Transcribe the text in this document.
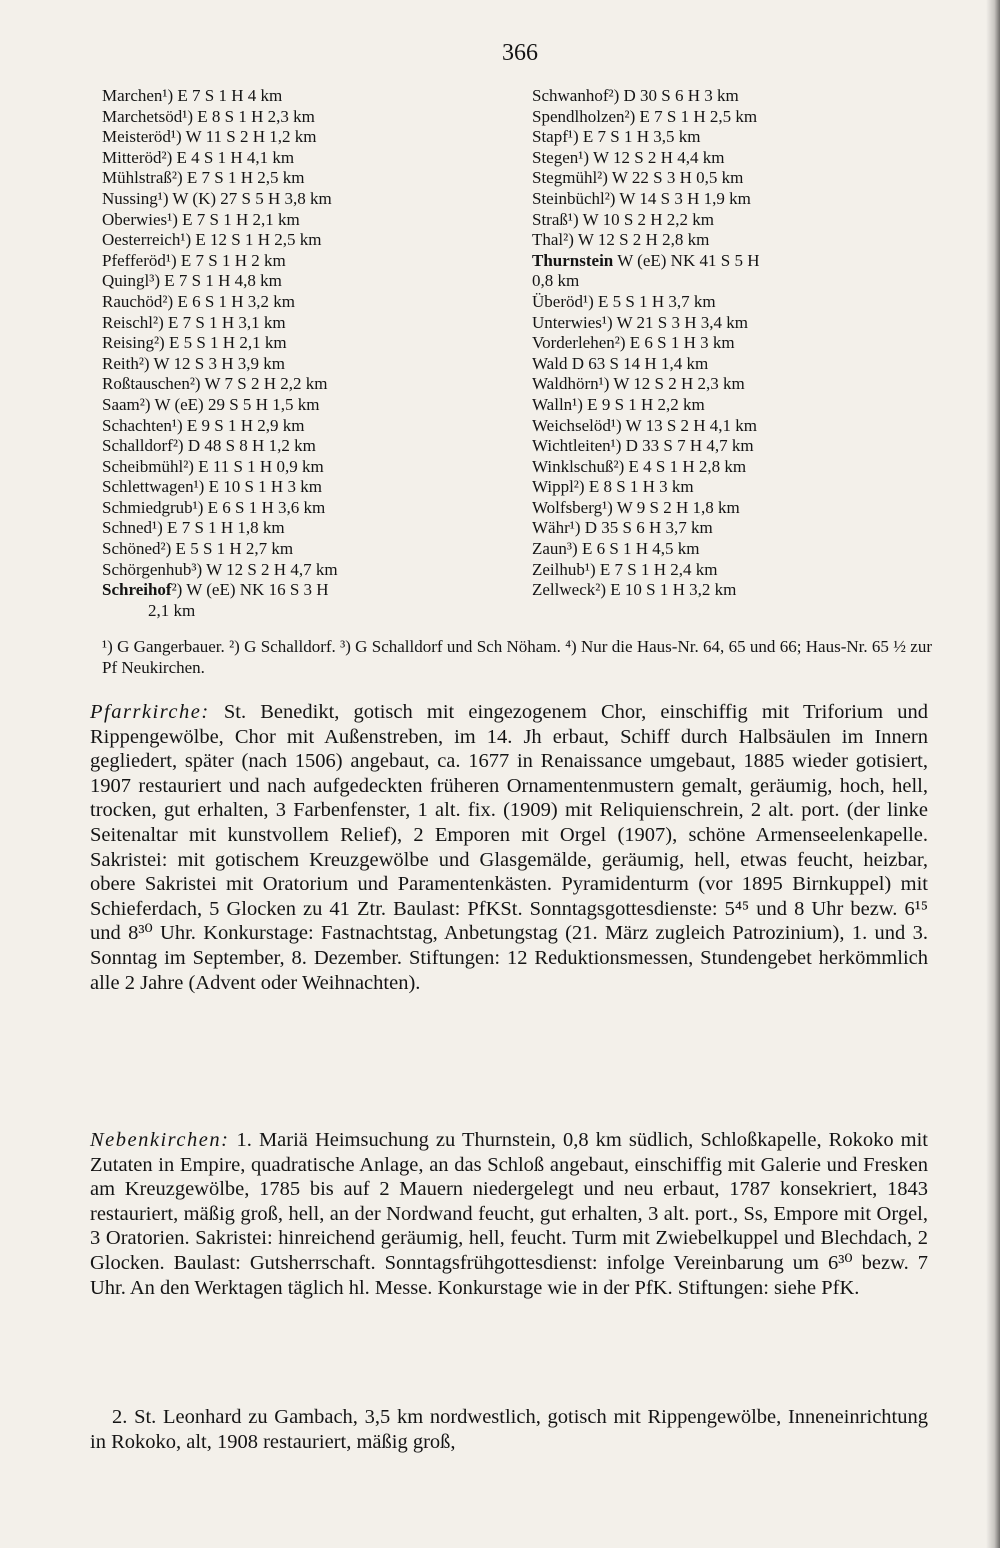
366
Marchen¹) E 7 S 1 H 4 km
Marchetsöd¹) E 8 S 1 H 2,3 km
Meisteröd¹) W 11 S 2 H 1,2 km
Mitteröd²) E 4 S 1 H 4,1 km
Mühlstraß²) E 7 S 1 H 2,5 km
Nussing¹) W (K) 27 S 5 H 3,8 km
Oberwies¹) E 7 S 1 H 2,1 km
Oesterreich¹) E 12 S 1 H 2,5 km
Pfefferöd¹) E 7 S 1 H 2 km
Quingl³) E 7 S 1 H 4,8 km
Rauchöd²) E 6 S 1 H 3,2 km
Reischl²) E 7 S 1 H 3,1 km
Reising²) E 5 S 1 H 2,1 km
Reith²) W 12 S 3 H 3,9 km
Roßtauschen²) W 7 S 2 H 2,2 km
Saam²) W (eE) 29 S 5 H 1,5 km
Schachten¹) E 9 S 1 H 2,9 km
Schalldorf²) D 48 S 8 H 1,2 km
Scheibmühl²) E 11 S 1 H 0,9 km
Schlettwagen¹) E 10 S 1 H 3 km
Schmiedgrub¹) E 6 S 1 H 3,6 km
Schned¹) E 7 S 1 H 1,8 km
Schöned²) E 5 S 1 H 2,7 km
Schörgenhub³) W 12 S 2 H 4,7 km
Schreihof²) W (eE) NK 16 S 3 H
2,1 km
Schwanhof²) D 30 S 6 H 3 km
Spendlholzen²) E 7 S 1 H 2,5 km
Stapf¹) E 7 S 1 H 3,5 km
Stegen¹) W 12 S 2 H 4,4 km
Stegmühl²) W 22 S 3 H 0,5 km
Steinbüchl²) W 14 S 3 H 1,9 km
Straß¹) W 10 S 2 H 2,2 km
Thal²) W 12 S 2 H 2,8 km
Thurnstein W (eE) NK 41 S 5 H
0,8 km
Überöd¹) E 5 S 1 H 3,7 km
Unterwies¹) W 21 S 3 H 3,4 km
Vorderlehen²) E 6 S 1 H 3 km
Wald D 63 S 14 H 1,4 km
Waldhörn¹) W 12 S 2 H 2,3 km
Walln¹) E 9 S 1 H 2,2 km
Weichselöd¹) W 13 S 2 H 4,1 km
Wichtleiten¹) D 33 S 7 H 4,7 km
Winklschuß²) E 4 S 1 H 2,8 km
Wippl²) E 8 S 1 H 3 km
Wolfsberg¹) W 9 S 2 H 1,8 km
Währ¹) D 35 S 6 H 3,7 km
Zaun³) E 6 S 1 H 4,5 km
Zeilhub¹) E 7 S 1 H 2,4 km
Zellweck²) E 10 S 1 H 3,2 km
¹) G Gangerbauer. ²) G Schalldorf. ³) G Schalldorf und Sch Nöham. ⁴) Nur die Haus-Nr. 64, 65 und 66; Haus-Nr. 65 ½ zur Pf Neukirchen.
Pfarrkirche: St. Benedikt, gotisch mit eingezogenem Chor, einschiffig mit Triforium und Rippengewölbe, Chor mit Außenstreben, im 14. Jh erbaut, Schiff durch Halbsäulen im Innern gegliedert, später (nach 1506) angebaut, ca. 1677 in Renaissance umgebaut, 1885 wieder gotisiert, 1907 restauriert und nach aufgedeckten früheren Ornamentenmustern gemalt, geräumig, hoch, hell, trocken, gut erhalten, 3 Farbenfenster, 1 alt. fix. (1909) mit Reliquienschrein, 2 alt. port. (der linke Seitenaltar mit kunstvollem Relief), 2 Emporen mit Orgel (1907), schöne Armenseelenkapelle. Sakristei: mit gotischem Kreuzgewölbe und Glasgemälde, geräumig, hell, etwas feucht, heizbar, obere Sakristei mit Oratorium und Paramentenkästen. Pyramidenturm (vor 1895 Birnkuppel) mit Schieferdach, 5 Glocken zu 41 Ztr. Baulast: PfKSt. Sonntagsgottesdienste: 5⁴⁵ und 8 Uhr bezw. 6¹⁵ und 8³⁰ Uhr. Konkurstage: Fastnachtstag, Anbetungstag (21. März zugleich Patrozinium), 1. und 3. Sonntag im September, 8. Dezember. Stiftungen: 12 Reduktionsmessen, Stundengebet herkömmlich alle 2 Jahre (Advent oder Weihnachten).
Nebenkirchen: 1. Mariä Heimsuchung zu Thurnstein, 0,8 km südlich, Schloßkapelle, Rokoko mit Zutaten in Empire, quadratische Anlage, an das Schloß angebaut, einschiffig mit Galerie und Fresken am Kreuzgewölbe, 1785 bis auf 2 Mauern niedergelegt und neu erbaut, 1787 konsekriert, 1843 restauriert, mäßig groß, hell, an der Nordwand feucht, gut erhalten, 3 alt. port., Ss, Empore mit Orgel, 3 Oratorien. Sakristei: hinreichend geräumig, hell, feucht. Turm mit Zwiebelkuppel und Blechdach, 2 Glocken. Baulast: Gutsherrschaft. Sonntagsfrühgottesdienst: infolge Vereinbarung um 6³⁰ bezw. 7 Uhr. An den Werktagen täglich hl. Messe. Konkurstage wie in der PfK. Stiftungen: siehe PfK.
2. St. Leonhard zu Gambach, 3,5 km nordwestlich, gotisch mit Rippengewölbe, Inneneinrichtung in Rokoko, alt, 1908 restauriert, mäßig groß,
